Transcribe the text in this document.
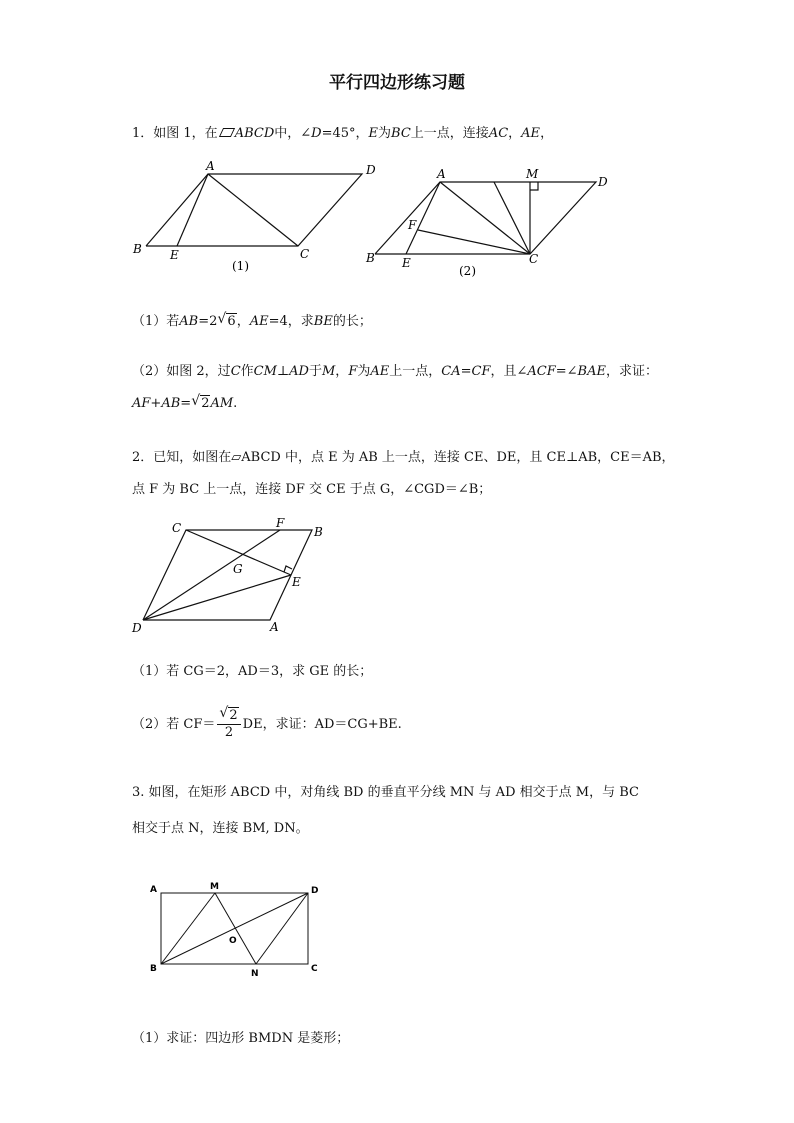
平行四边形练习题
1．如图 1，在 ABCD中，∠D=45°，E为BC上一点，连接AC，AE，
A	D
B E	C
(1)
A	M
D
F
B E	C
(2)
C	F
B
G
E
D	A
A	M	D
O
B	N	C
（1）若AB=2 √ 6，AE=4，求BE的长；
（2）如图 2，过C作CM⊥AD于M，F为AE上一点，CA=CF，且∠ACF=∠BAE，求证：
AF+AB= √ 2AM.
2．已知，如图在▱ABCD 中，点 E 为 AB 上一点，连接 CE、DE，且 CE⊥AB，CE＝AB，
点 F 为 BC 上一点，连接 DF 交 CE 于点 G，∠CGD＝∠B；
（1）若 CG＝2，AD＝3，求 GE 的长；
（2）若 $CF= \frac{√ 2}{2}$ DE，求证：AD＝CG+BE.
3. 如图，在矩形 ABCD 中，对角线 BD 的垂直平分线 MN 与 AD 相交于点 M，与 BC
相交于点 N，连接 BM, DN。
（1）求证：四边形 BMDN 是菱形；
